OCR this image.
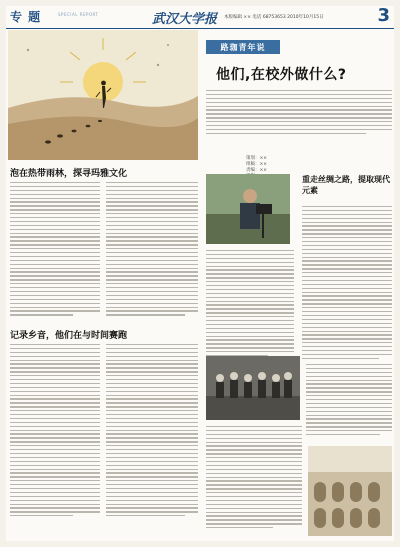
专 题	SPECIAL REPORT	武汉大学报 本版编辑 ×× 电话 68753653 2010年10月15日	3
路珈青年说
他们,在校外做什么?
策划：××
组稿：××
责编：××
泡在热带雨林，探寻玛雅文化	重走丝绸之路，提取现代元素
记录乡音，他们在与时间赛跑
